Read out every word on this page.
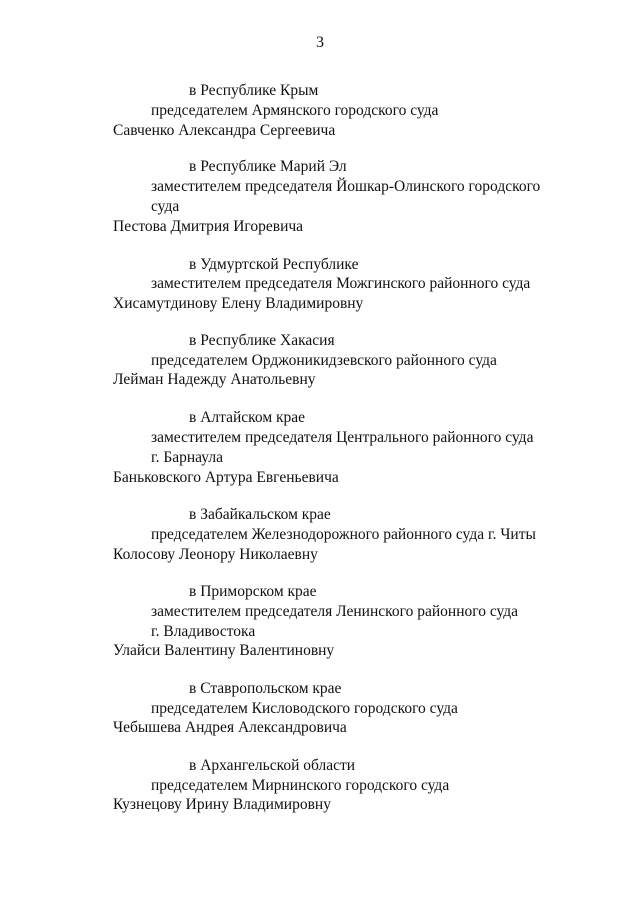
3
в Республике Крым
председателем Армянского городского суда
Савченко Александра Сергеевича
в Республике Марий Эл
заместителем председателя Йошкар-Олинского городского
суда
Пестова Дмитрия Игоревича
в Удмуртской Республике
заместителем председателя Можгинского районного суда
Хисамутдинову Елену Владимировну
в Республике Хакасия
председателем Орджоникидзевского районного суда
Лейман Надежду Анатольевну
в Алтайском крае
заместителем председателя Центрального районного суда
г. Барнаула
Баньковского Артура Евгеньевича
в Забайкальском крае
председателем Железнодорожного районного суда г. Читы
Колосову Леонору Николаевну
в Приморском крае
заместителем председателя Ленинского районного суда
г. Владивостока
Улайси Валентину Валентиновну
в Ставропольском крае
председателем Кисловодского городского суда
Чебышева Андрея Александровича
в Архангельской области
председателем Мирнинского городского суда
Кузнецову Ирину Владимировну
